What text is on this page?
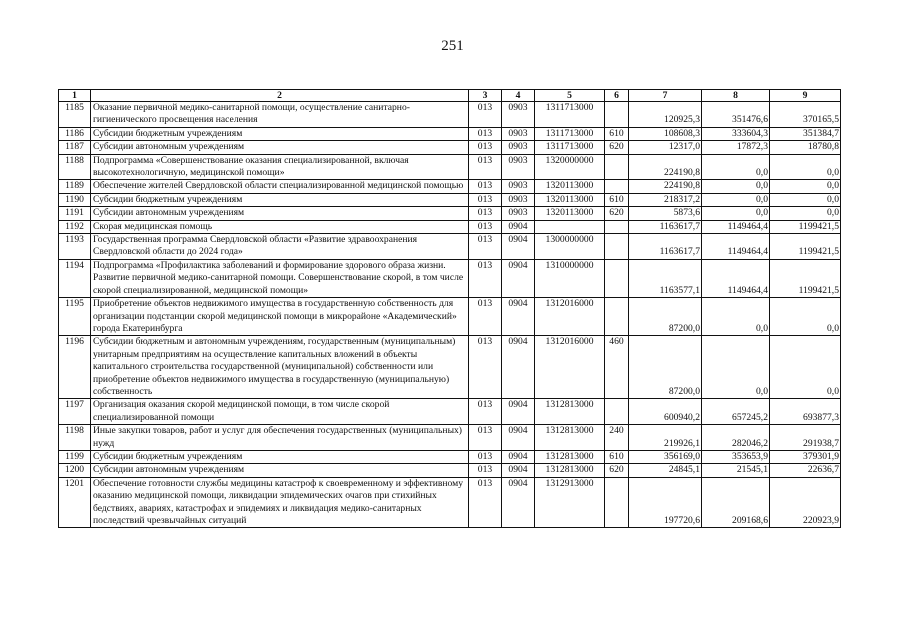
251
1	2	3	4	5	6	7	8	9
1185	Оказание первичной медико-санитарной помощи, осуществление санитарно-гигиенического просвещения населения	013	0903	1311713000		120925,3	351476,6	370165,5
1186	Субсидии бюджетным учреждениям	013	0903	1311713000	610	108608,3	333604,3	351384,7
1187	Субсидии автономным учреждениям	013	0903	1311713000	620	12317,0	17872,3	18780,8
1188	Подпрограмма «Совершенствование оказания специализированной, включая высокотехнологичную, медицинской помощи»	013	0903	1320000000		224190,8	0,0	0,0
1189	Обеспечение жителей Свердловской области специализированной медицинской помощью	013	0903	1320113000		224190,8	0,0	0,0
1190	Субсидии бюджетным учреждениям	013	0903	1320113000	610	218317,2	0,0	0,0
1191	Субсидии автономным учреждениям	013	0903	1320113000	620	5873,6	0,0	0,0
1192	Скорая медицинская помощь	013	0904			1163617,7	1149464,4	1199421,5
1193	Государственная программа Свердловской области «Развитие здравоохранения Свердловской области до 2024 года»	013	0904	1300000000		1163617,7	1149464,4	1199421,5
1194	Подпрограмма «Профилактика заболеваний и формирование здорового образа жизни. Развитие первичной медико-санитарной помощи. Совершенствование скорой, в том числе скорой специализированной, медицинской помощи»	013	0904	1310000000		1163577,1	1149464,4	1199421,5
1195	Приобретение объектов недвижимого имущества в государственную собственность для организации подстанции скорой медицинской помощи в микрорайоне «Академический» города Екатеринбурга	013	0904	1312016000		87200,0	0,0	0,0
1196	Субсидии бюджетным и автономным учреждениям, государственным (муниципальным) унитарным предприятиям на осуществление капитальных вложений в объекты капитального строительства государственной (муниципальной) собственности или приобретение объектов недвижимого имущества в государственную (муниципальную) собственность	013	0904	1312016000	460	87200,0	0,0	0,0
1197	Организация оказания скорой медицинской помощи, в том числе скорой специализированной помощи	013	0904	1312813000		600940,2	657245,2	693877,3
1198	Иные закупки товаров, работ и услуг для обеспечения государственных (муниципальных) нужд	013	0904	1312813000	240	219926,1	282046,2	291938,7
1199	Субсидии бюджетным учреждениям	013	0904	1312813000	610	356169,0	353653,9	379301,9
1200	Субсидии автономным учреждениям	013	0904	1312813000	620	24845,1	21545,1	22636,7
1201	Обеспечение готовности службы медицины катастроф к своевременному и эффективному оказанию медицинской помощи, ликвидации эпидемических очагов при стихийных бедствиях, авариях, катастрофах и эпидемиях и ликвидация медико-санитарных последствий чрезвычайных ситуаций	013	0904	1312913000		197720,6	209168,6	220923,9
